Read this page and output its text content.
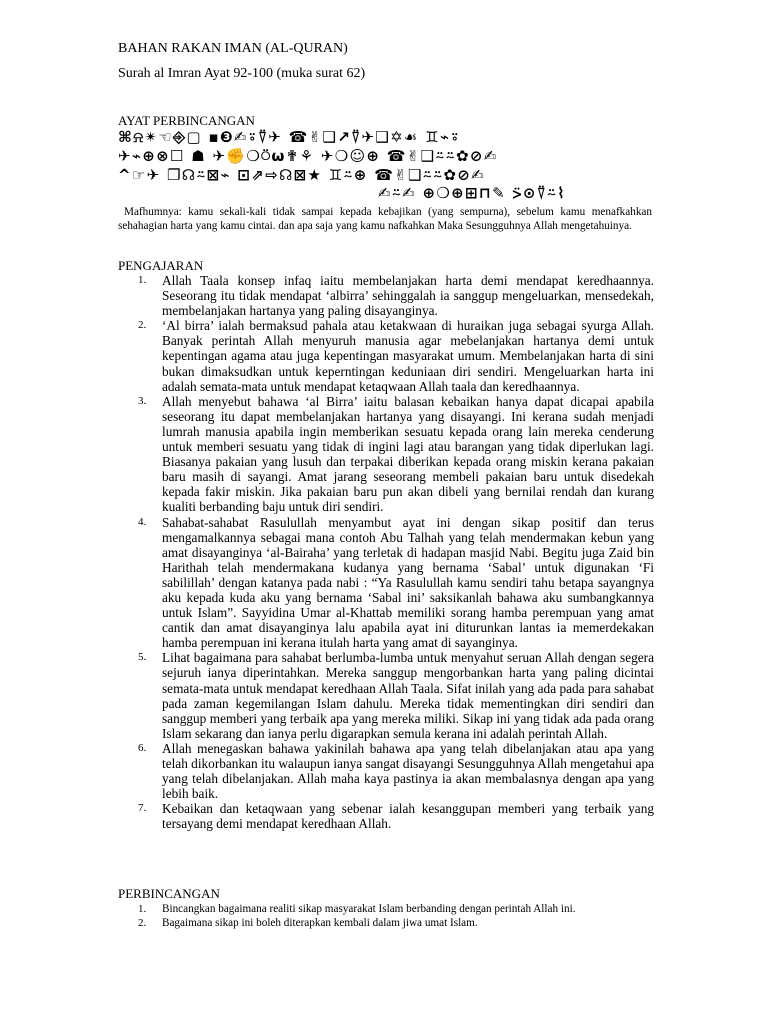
BAHAN RAKAN IMAN (AL-QURAN)
Surah al Imran Ayat 92-100 (muka surat 62)
AYAT PERBINCANGAN
⌘⍾✴☜⎆▢ ▪❸✍⍤⍢✈ ☎✌❑↗⍢✈❑✡☙ ♊⌁⍤
✈⌁⊕⊗☐ ☗ ✈✊❍⍥⍵✟⚘ ✈❍☺⊕ ☎✌❑⍨⍨✿⊘✍
^☞✈ ❐☊⍨⊠⌁ ⊡⇗⇨☊⊠★ ♊⍨⊕ ☎✌❑⍨⍨✿⊘✍
✍⍨✍ ⊕❍⊕⊞⊓✎ ⍩⊙⍢⍨⌇
Mafhumnya: kamu sekali-kali tidak sampai kepada kebajikan (yang sempurna), sebelum kamu menafkahkan sehahagian harta yang kamu cintai. dan apa saja yang kamu nafkahkan Maka Sesungguhnya Allah mengetahuinya.
PENGAJARAN
1. Allah Taala konsep infaq iaitu membelanjakan harta demi mendapat keredhaannya. Seseorang itu tidak mendapat ‘albirra’ sehinggalah ia sanggup mengeluarkan, mensedekah, membelanjakan hartanya yang paling disayanginya.
2. ‘Al birra’ ialah bermaksud pahala atau ketakwaan di huraikan juga sebagai syurga Allah. Banyak perintah Allah menyuruh manusia agar mebelanjakan hartanya demi untuk kepentingan agama atau juga kepentingan masyarakat umum. Membelanjakan harta di sini bukan dimaksudkan untuk keperntingan keduniaan diri sendiri. Mengeluarkan harta ini adalah semata-mata untuk mendapat ketaqwaan Allah taala dan keredhaannya.
3. Allah menyebut bahawa ‘al Birra’ iaitu balasan kebaikan hanya dapat dicapai apabila seseorang itu dapat membelanjakan hartanya yang disayangi. Ini kerana sudah menjadi lumrah manusia apabila ingin memberikan sesuatu kepada orang lain mereka cenderung untuk memberi sesuatu yang tidak di ingini lagi atau barangan yang tidak diperlukan lagi. Biasanya pakaian yang lusuh dan terpakai diberikan kepada orang miskin kerana pakaian baru masih di sayangi. Amat jarang seseorang membeli pakaian baru untuk disedekah kepada fakir miskin. Jika pakaian baru pun akan dibeli yang bernilai rendah dan kurang kualiti berbanding baju untuk diri sendiri.
4. Sahabat-sahabat Rasulullah menyambut ayat ini dengan sikap positif dan terus mengamalkannya sebagai mana contoh Abu Talhah yang telah mendermakan kebun yang amat disayanginya ‘al-Bairaha’ yang terletak di hadapan masjid Nabi. Begitu juga Zaid bin Harithah telah mendermakana kudanya yang bernama ‘Sabal’ untuk digunakan ‘Fi sabilillah’ dengan katanya pada nabi : “Ya Rasulullah kamu sendiri tahu betapa sayangnya aku kepada kuda aku yang bernama ‘Sabal ini’ saksikanlah bahawa aku sumbangkannya untuk Islam”. Sayyidina Umar al-Khattab memiliki sorang hamba perempuan yang amat cantik dan amat disayanginya lalu apabila ayat ini diturunkan lantas ia memerdekakan hamba perempuan ini kerana itulah harta yang amat di sayanginya.
5. Lihat bagaimana para sahabat berlumba-lumba untuk menyahut seruan Allah dengan segera sejuruh ianya diperintahkan. Mereka sanggup mengorbankan harta yang paling dicintai semata-mata untuk mendapat keredhaan Allah Taala. Sifat inilah yang ada pada para sahabat pada zaman kegemilangan Islam dahulu. Mereka tidak mementingkan diri sendiri dan sanggup memberi yang terbaik apa yang mereka miliki. Sikap ini yang tidak ada pada orang Islam sekarang dan ianya perlu digarapkan semula kerana ini adalah perintah Allah.
6. Allah menegaskan bahawa yakinilah bahawa apa yang telah dibelanjakan atau apa yang telah dikorbankan itu walaupun ianya sangat disayangi Sesungguhnya Allah mengetahui apa yang telah dibelanjakan. Allah maha kaya pastinya ia akan membalasnya dengan apa yang lebih baik.
7. Kebaikan dan ketaqwaan yang sebenar ialah kesanggupan memberi yang terbaik yang tersayang demi mendapat keredhaan Allah.
PERBINCANGAN
1. Bincangkan bagaimana realiti sikap masyarakat Islam berbanding dengan perintah Allah ini.
2. Bagaimana sikap ini boleh diterapkan kembali dalam jiwa umat Islam.
